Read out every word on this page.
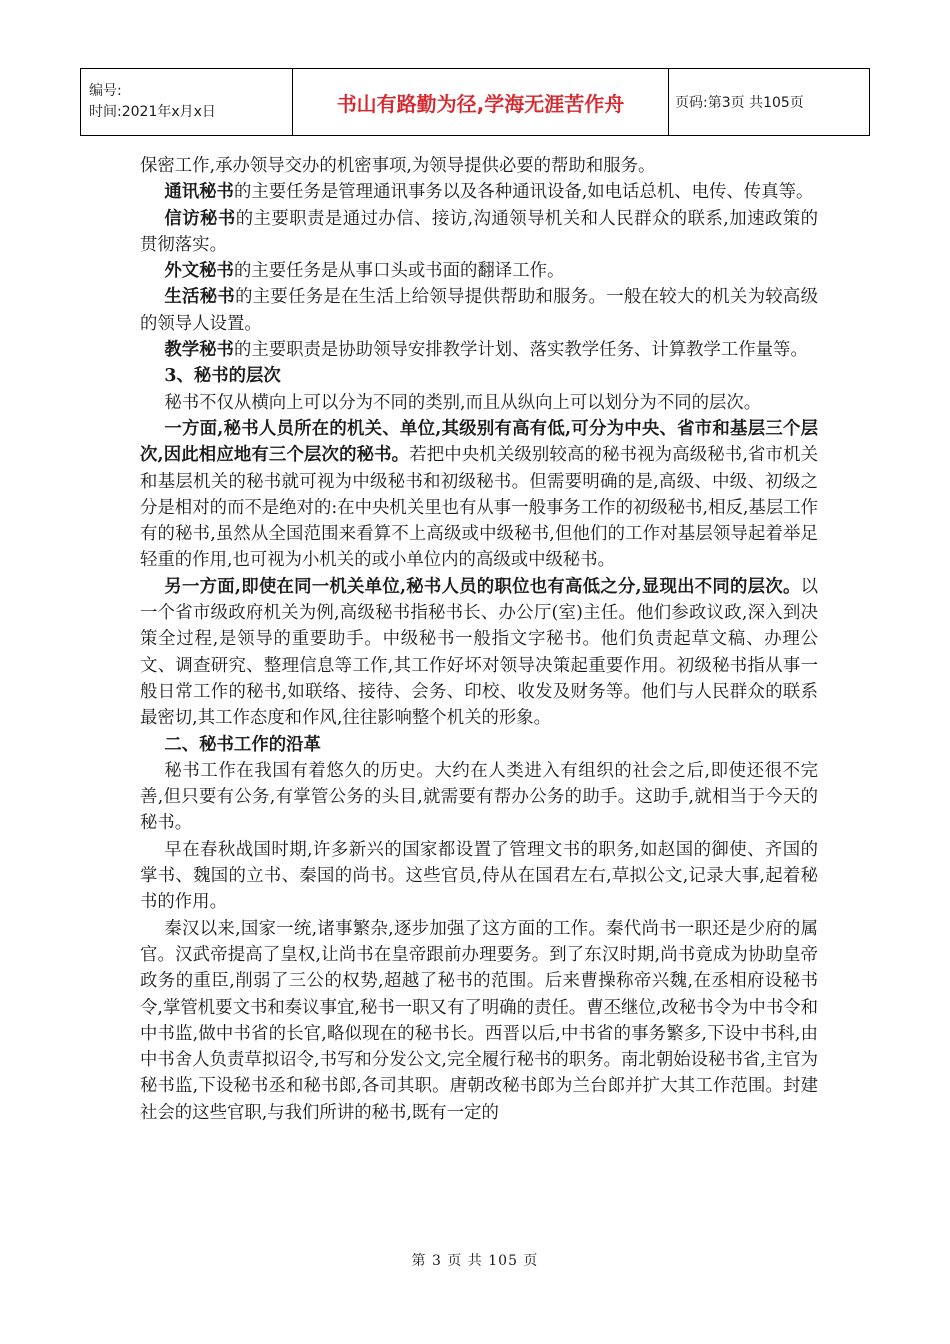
编号:
时间:2021年x月x日	书山有路勤为径,学海无涯苦作舟	页码:第3页 共105页

保密工作,承办领导交办的机密事项,为领导提供必要的帮助和服务。

通讯秘书的主要任务是管理通讯事务以及各种通讯设备,如电话总机、电传、传真等。

信访秘书的主要职责是通过办信、接访,沟通领导机关和人民群众的联系,加速政策的贯彻落实。

外文秘书的主要任务是从事口头或书面的翻译工作。

生活秘书的主要任务是在生活上给领导提供帮助和服务。一般在较大的机关为较高级的领导人设置。

教学秘书的主要职责是协助领导安排教学计划、落实教学任务、计算教学工作量等。

3、秘书的层次

秘书不仅从横向上可以分为不同的类别,而且从纵向上可以划分为不同的层次。

一方面,秘书人员所在的机关、单位,其级别有高有低,可分为中央、省市和基层三个层次,因此相应地有三个层次的秘书。若把中央机关级别较高的秘书视为高级秘书,省市机关和基层机关的秘书就可视为中级秘书和初级秘书。但需要明确的是,高级、中级、初级之分是相对的而不是绝对的:在中央机关里也有从事一般事务工作的初级秘书,相反,基层工作有的秘书,虽然从全国范围来看算不上高级或中级秘书,但他们的工作对基层领导起着举足轻重的作用,也可视为小机关的或小单位内的高级或中级秘书。

另一方面,即使在同一机关单位,秘书人员的职位也有高低之分,显现出不同的层次。以一个省市级政府机关为例,高级秘书指秘书长、办公厅(室)主任。他们参政议政,深入到决策全过程,是领导的重要助手。中级秘书一般指文字秘书。他们负责起草文稿、办理公文、调查研究、整理信息等工作,其工作好坏对领导决策起重要作用。初级秘书指从事一般日常工作的秘书,如联络、接待、会务、印校、收发及财务等。他们与人民群众的联系最密切,其工作态度和作风,往往影响整个机关的形象。

二、秘书工作的沿革

秘书工作在我国有着悠久的历史。大约在人类进入有组织的社会之后,即使还很不完善,但只要有公务,有掌管公务的头目,就需要有帮办公务的助手。这助手,就相当于今天的秘书。

早在春秋战国时期,许多新兴的国家都设置了管理文书的职务,如赵国的御使、齐国的掌书、魏国的立书、秦国的尚书。这些官员,侍从在国君左右,草拟公文,记录大事,起着秘书的作用。

秦汉以来,国家一统,诸事繁杂,逐步加强了这方面的工作。秦代尚书一职还是少府的属官。汉武帝提高了皇权,让尚书在皇帝跟前办理要务。到了东汉时期,尚书竟成为协助皇帝政务的重臣,削弱了三公的权势,超越了秘书的范围。后来曹操称帝兴魏,在丞相府设秘书令,掌管机要文书和奏议事宜,秘书一职又有了明确的责任。曹丕继位,改秘书令为中书令和中书监,做中书省的长官,略似现在的秘书长。西晋以后,中书省的事务繁多,下设中书科,由中书舍人负责草拟诏令,书写和分发公文,完全履行秘书的职务。南北朝始设秘书省,主官为秘书监,下设秘书丞和秘书郎,各司其职。唐朝改秘书郎为兰台郎并扩大其工作范围。封建社会的这些官职,与我们所讲的秘书,既有一定的

第 3 页 共 105 页
